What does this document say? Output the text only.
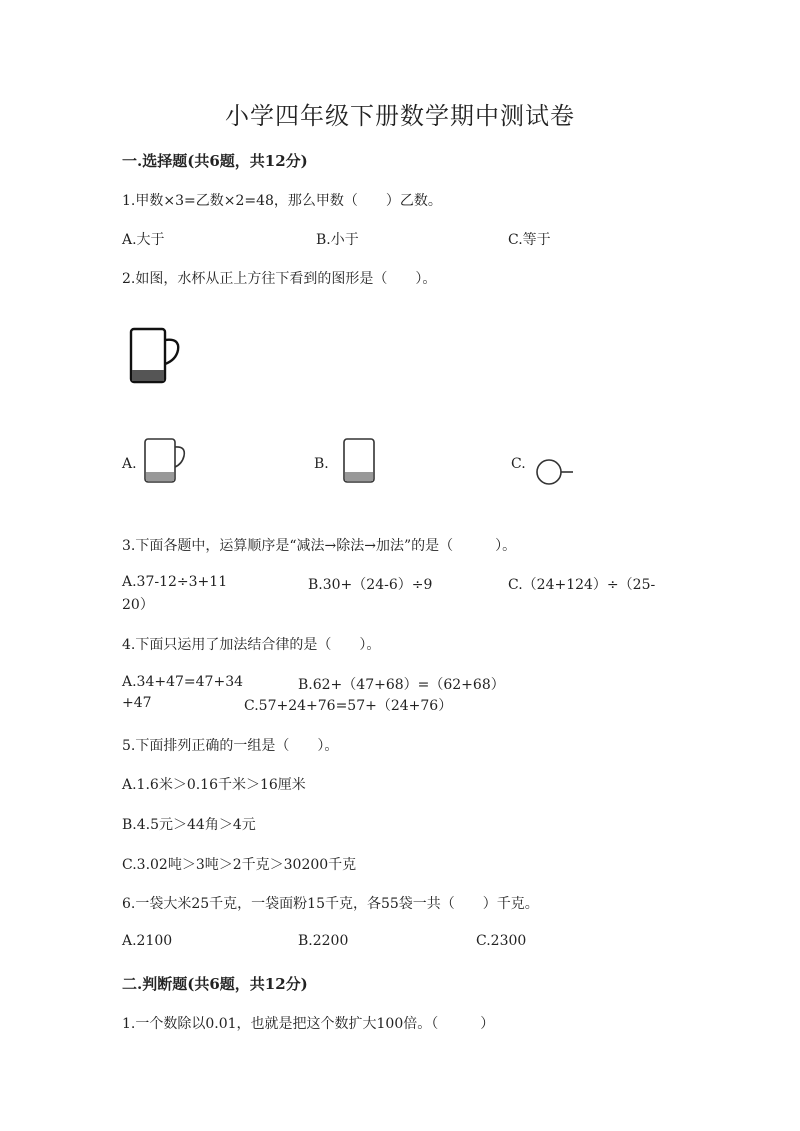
小学四年级下册数学期中测试卷
一.选择题(共6题，共12分)
1.甲数×3=乙数×2=48，那么甲数（　　）乙数。
A.大于	B.小于	C.等于
2.如图，水杯从正上方往下看到的图形是（　　）。
A.	B.	C.
3.下面各题中，运算顺序是“减法→除法→加法”的是（　　　）。
A.37-12÷3+11	B.30+（24-6）÷9	C.（24+124）÷（25-
20）
4.下面只运用了加法结合律的是（　　）。
A.34+47=47+34	B.62+（47+68）=（62+68）
+47	C.57+24+76=57+（24+76）
5.下面排列正确的一组是（　　）。
A.1.6米＞0.16千米＞16厘米
B.4.5元＞44角＞4元
C.3.02吨＞3吨＞2千克＞30200千克
6.一袋大米25千克，一袋面粉15千克，各55袋一共（　　）千克。
A.2100	B.2200	C.2300
二.判断题(共6题，共12分)
1.一个数除以0.01，也就是把这个数扩大100倍。（　　　）
